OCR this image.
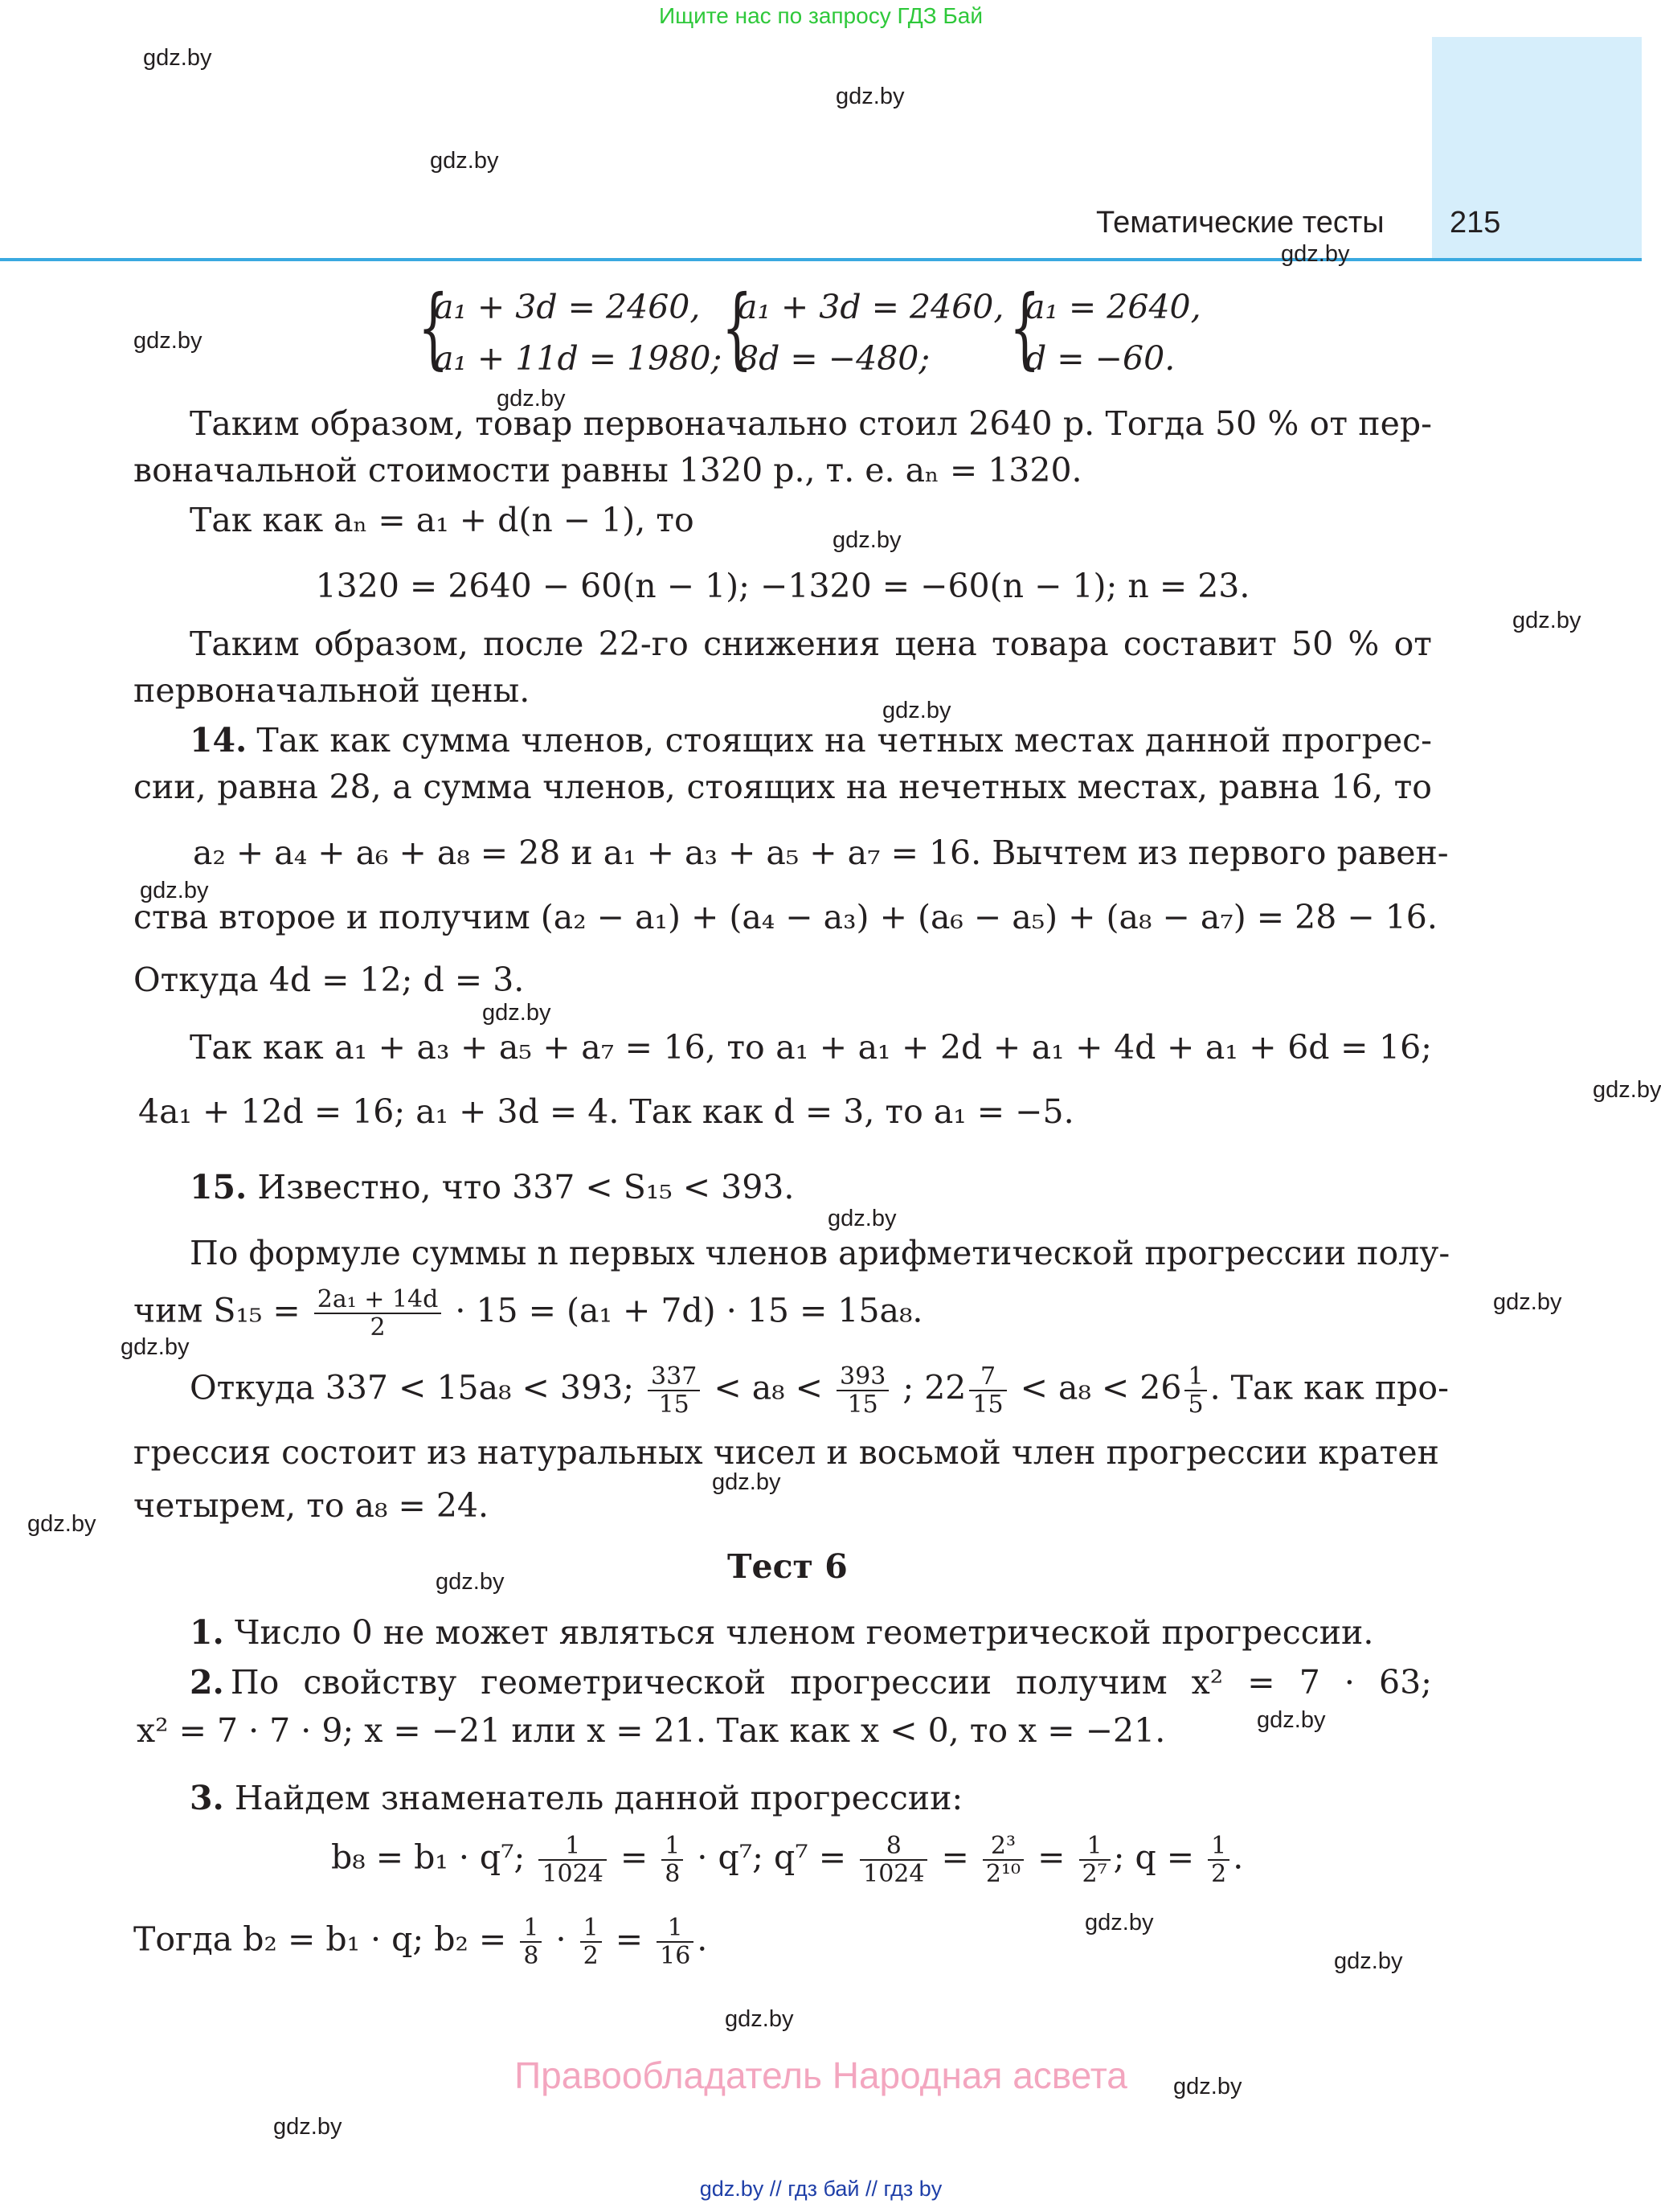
Ищите нас по запросу ГДЗ Бай
Тематические тесты 215
gdz.by
gdz.by
gdz.by
gdz.by
gdz.by
gdz.by
gdz.by
gdz.by
gdz.by
gdz.by
gdz.by
gdz.by
gdz.by
gdz.by
gdz.by
gdz.by
gdz.by
gdz.by
gdz.by
gdz.by
gdz.by
gdz.by
gdz.by
gdz.by
{
a₁ + 3d = 2460,
a₁ + 11d = 1980; {
a₁ + 3d = 2460,
8d = −480; {
a₁ = 2640,
d = −60.
Таким образом, товар первоначально стоил 2640 р. Тогда 50 % от пер-
воначальной стоимости равны 1320 р., т. е. aₙ = 1320.
Так как aₙ = a₁ + d(n − 1), то
1320 = 2640 − 60(n − 1); −1320 = −60(n − 1); n = 23.
Таким образом, после 22-го снижения цена товара составит 50 % от
первоначальной цены.
14. Так как сумма членов, стоящих на четных местах данной прогрес-
сии, равна 28, а сумма членов, стоящих на нечетных местах, равна 16, то
a₂ + a₄ + a₆ + a₈ = 28 и a₁ + a₃ + a₅ + a₇ = 16. Вычтем из первого равен-
ства второе и получим (a₂ − a₁) + (a₄ − a₃) + (a₆ − a₅) + (a₈ − a₇) = 28 − 16.
Откуда 4d = 12; d = 3.
Так как a₁ + a₃ + a₅ + a₇ = 16, то a₁ + a₁ + 2d + a₁ + 4d + a₁ + 6d = 16;
4a₁ + 12d = 16; a₁ + 3d = 4. Так как d = 3, то a₁ = −5.
15. Известно, что 337 < S₁₅ < 393.
По формуле суммы n первых членов арифметической прогрессии полу-
чим $S_{15} = \frac{\text{2a₁ + 14d}}{2} \cdot 15 = (a_1 + 7d) \cdot 15 = 15a_8$.
Откуда 337 < 15a₈ < 393; $\frac{337}{15} < a_8 < \frac{393}{15}$ ; $22 \frac{7}{15} < a_8 < 26 \frac{1}{5}$ . Так как про-
грессия состоит из натуральных чисел и восьмой член прогрессии кратен
четырем, то a₈ = 24.
Тест 6
1. Число 0 не может являться членом геометрической прогрессии.
2. По свойству геометрической прогрессии получим x² = 7 · 63;
x² = 7 · 7 · 9; x = −21 или x = 21. Так как x < 0, то x = −21.
3. Найдем знаменатель данной прогрессии:
b₈ = b₁ · q⁷; $\frac{1}{1024} = \frac{1}{8} \cdot q^7$; $q^7 = \frac{8}{1024} = \frac{\text{2³}}{\text{2¹⁰}} = \frac{1}{\text{2⁷}}$ ; $q = \frac{1}{2}$ .
Тогда b₂ = b₁ · q; $b_2 = \frac{1}{8} \cdot \frac{1}{2} = \frac{1}{16}$ .
Правообладатель Народная асвета
gdz.by // гдз бай // гдз by
